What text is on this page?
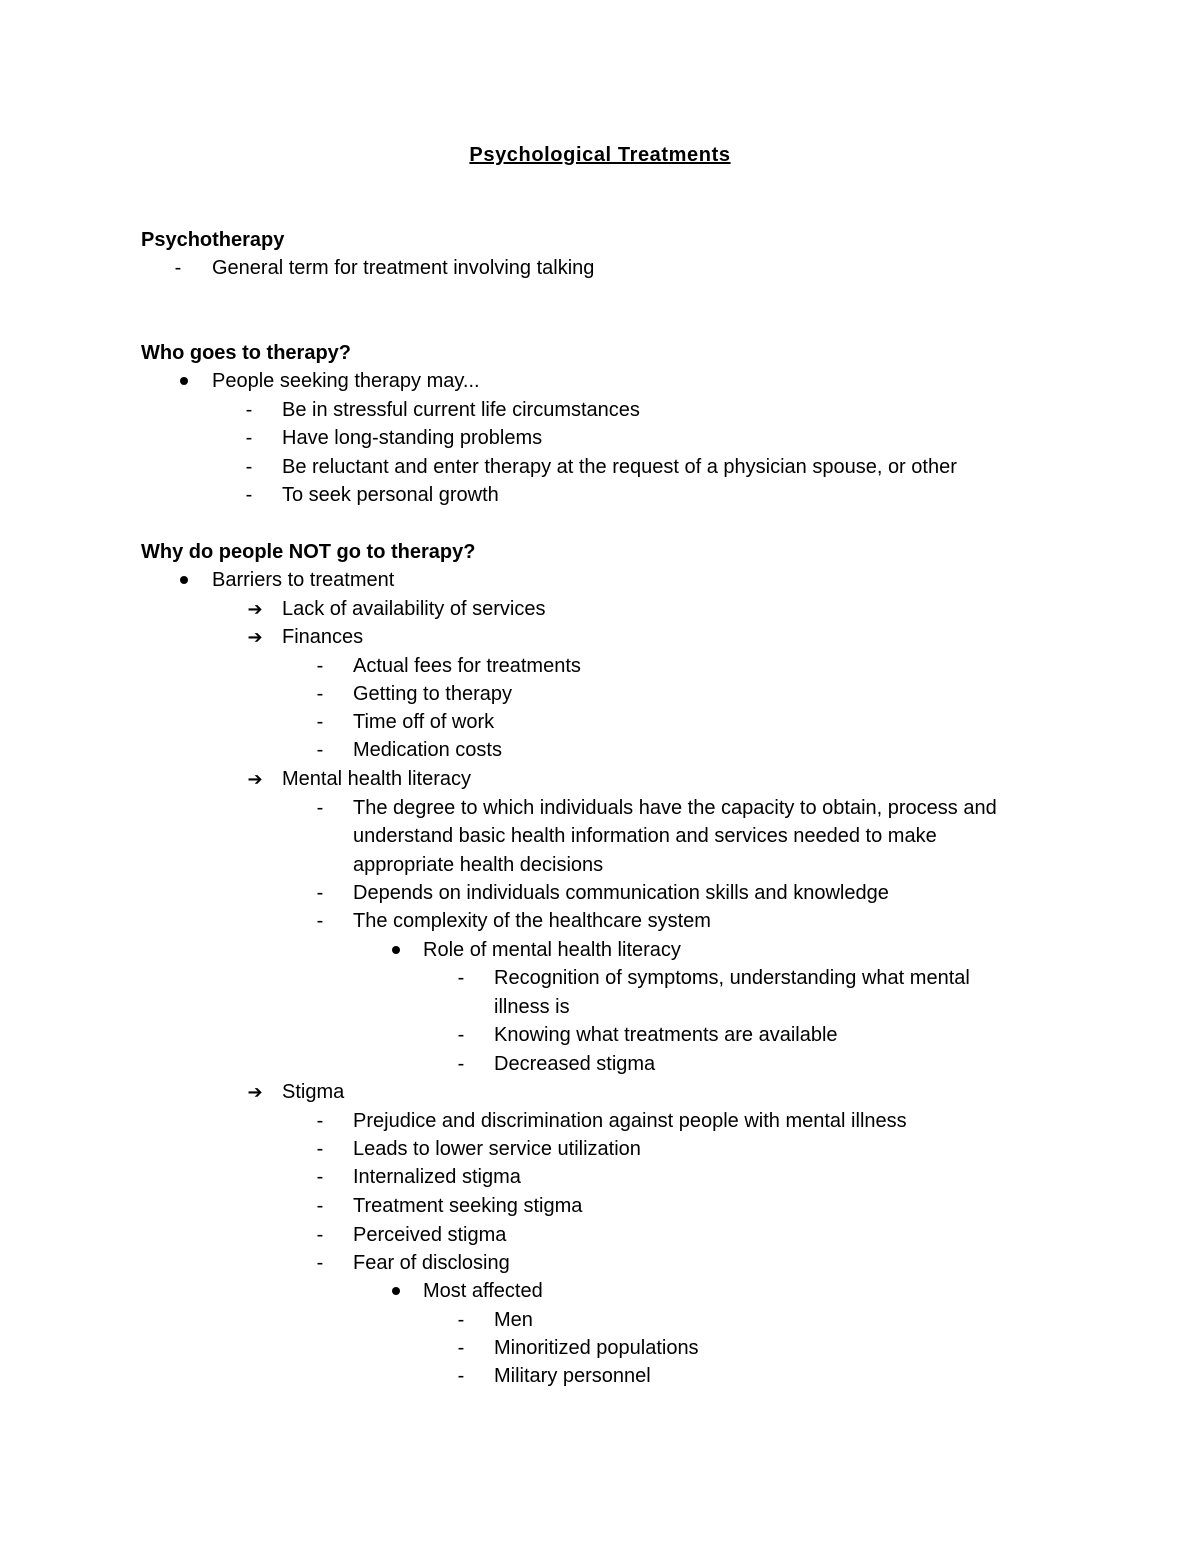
Psychological Treatments
Psychotherapy
-	General term for treatment involving talking
Who goes to therapy?
People seeking therapy may...
-	Be in stressful current life circumstances
-	Have long-standing problems
-	Be reluctant and enter therapy at the request of a physician spouse, or other
-	To seek personal growth
Why do people NOT go to therapy?
Barriers to treatment
➔ Lack of availability of services
➔ Finances
-	Actual fees for treatments
-	Getting to therapy
-	Time off of work
-	Medication costs
➔ Mental health literacy
-	The degree to which individuals have the capacity to obtain, process and
understand basic health information and services needed to make
appropriate health decisions
-	Depends on individuals communication skills and knowledge
-	The complexity of the healthcare system
Role of mental health literacy
-	Recognition of symptoms, understanding what mental
illness is
-	Knowing what treatments are available
-	Decreased stigma
➔ Stigma
-	Prejudice and discrimination against people with mental illness
-	Leads to lower service utilization
-	Internalized stigma
-	Treatment seeking stigma
-	Perceived stigma
-	Fear of disclosing
Most affected
-	Men
-	Minoritized populations
-	Military personnel
